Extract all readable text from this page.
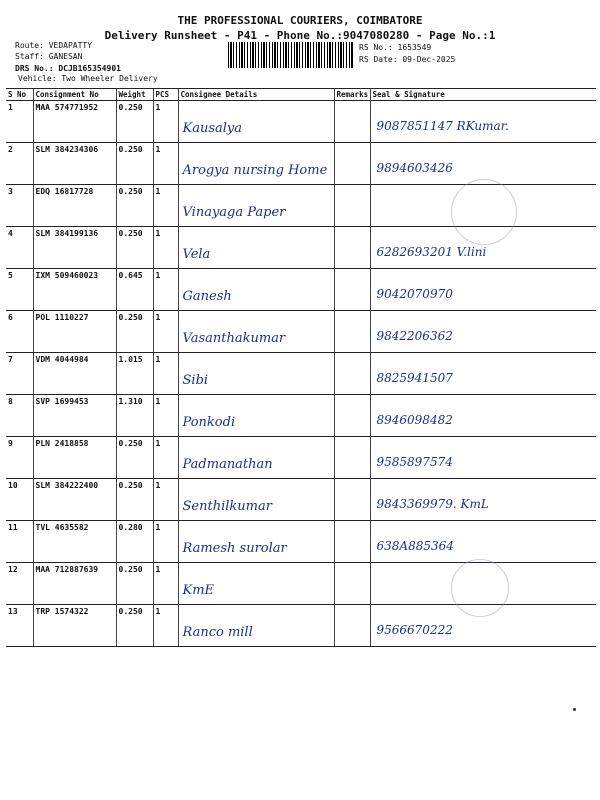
THE PROFESSIONAL COURIERS, COIMBATORE
Delivery Runsheet - P41 - Phone No.:9047080280 - Page No.:1
Route: VEDAPATTY
Staff: GANESAN
DRS No.: DCJB165354901
Vehicle: Two Wheeler Delivery
RS No.: 1653549
RS Date: 09-Dec-2025
S No	Consignment No	Weight	PCS	Consignee Details	Remarks	Seal & Signature
1	MAA 574771952	0.250	1	Kausalya		9087851147 RKumar.

2	SLM 384234306	0.250	1	Arogya nursing Home		9894603426

3	EDQ 16817728	0.250	1	Vinayaga Paper		

4	SLM 384199136	0.250	1	Vela		6282693201 V.lini

5	IXM 509460023	0.645	1	Ganesh		9042070970

6	POL 1110227	0.250	1	Vasanthakumar		9842206362

7	VDM 4044984	1.015	1	Sibi		8825941507

8	SVP 1699453	1.310	1	Ponkodi		8946098482

9	PLN 2418858	0.250	1	Padmanathan		9585897574

10	SLM 384222400	0.250	1	Senthilkumar		9843369979. KmL

11	TVL 4635582	0.280	1	Ramesh surolar		638A885364

12	MAA 712887639	0.250	1	KmE		

13	TRP 1574322	0.250	1	Ranco mill		9566670222
